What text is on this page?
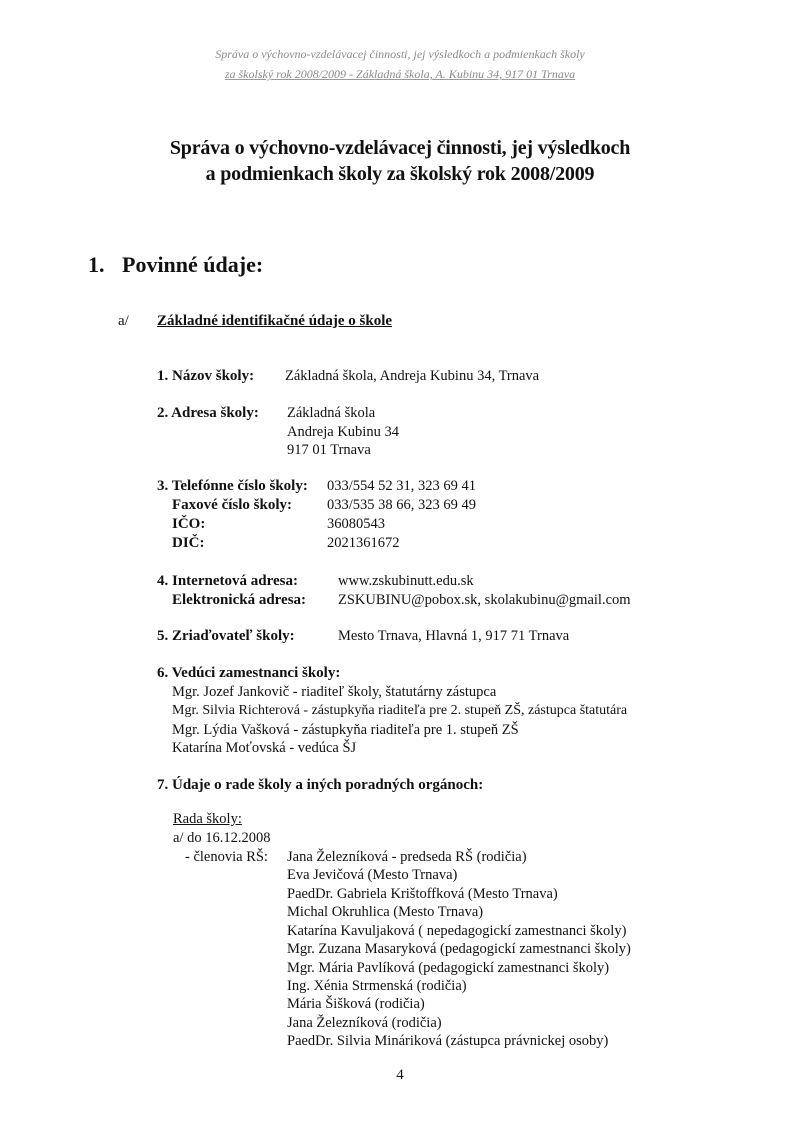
Správa o výchovno-vzdelávacej činnosti, jej výsledkoch a podmienkach školy
za školský rok 2008/2009 - Základná škola, A. Kubinu 34, 917 01 Trnava
Správa o výchovno-vzdelávacej činnosti, jej výsledkoch
a podmienkach školy za školský rok 2008/2009
1. Povinné údaje:
a/ Základné identifikačné údaje o škole
1. Názov školy: Základná škola, Andreja Kubinu 34, Trnava
2. Adresa školy: Základná škola
Andreja Kubinu 34
917 01 Trnava
3. Telefónne číslo školy: 033/554 52 31, 323 69 41
Faxové číslo školy: 033/535 38 66, 323 69 49
IČO:	36080543
DIČ:	2021361672
4. Internetová adresa:	www.zskubinutt.edu.sk
Elektronická adresa: ZSKUBINU@pobox.sk, skolakubinu@gmail.com
5. Zriaďovateľ školy:	Mesto Trnava, Hlavná 1, 917 71 Trnava
6. Vedúci zamestnanci školy:
Mgr. Jozef Jankovič - riaditeľ školy, štatutárny zástupca
Mgr. Silvia Richterová - zástupkyňa riaditeľa pre 2. stupeň ZŠ, zástupca štatutára
Mgr. Lýdia Vašková - zástupkyňa riaditeľa pre 1. stupeň ZŠ
Katarína Moťovská - vedúca ŠJ
7. Údaje o rade školy a iných poradných orgánoch:
Rada školy:
a/ do 16.12.2008
- členovia RŠ: Jana Železníková - predseda RŠ (rodičia)
Eva Jevičová (Mesto Trnava)
PaedDr. Gabriela Krištoffková (Mesto Trnava)
Michal Okruhlica (Mesto Trnava)
Katarína Kavuljaková ( nepedagogickí zamestnanci školy)
Mgr. Zuzana Masaryková (pedagogickí zamestnanci školy)
Mgr. Mária Pavlíková (pedagogickí zamestnanci školy)
Ing. Xénia Strmenská (rodičia)
Mária Šišková (rodičia)
Jana Železníková (rodičia)
PaedDr. Silvia Mináriková (zástupca právnickej osoby)
4
